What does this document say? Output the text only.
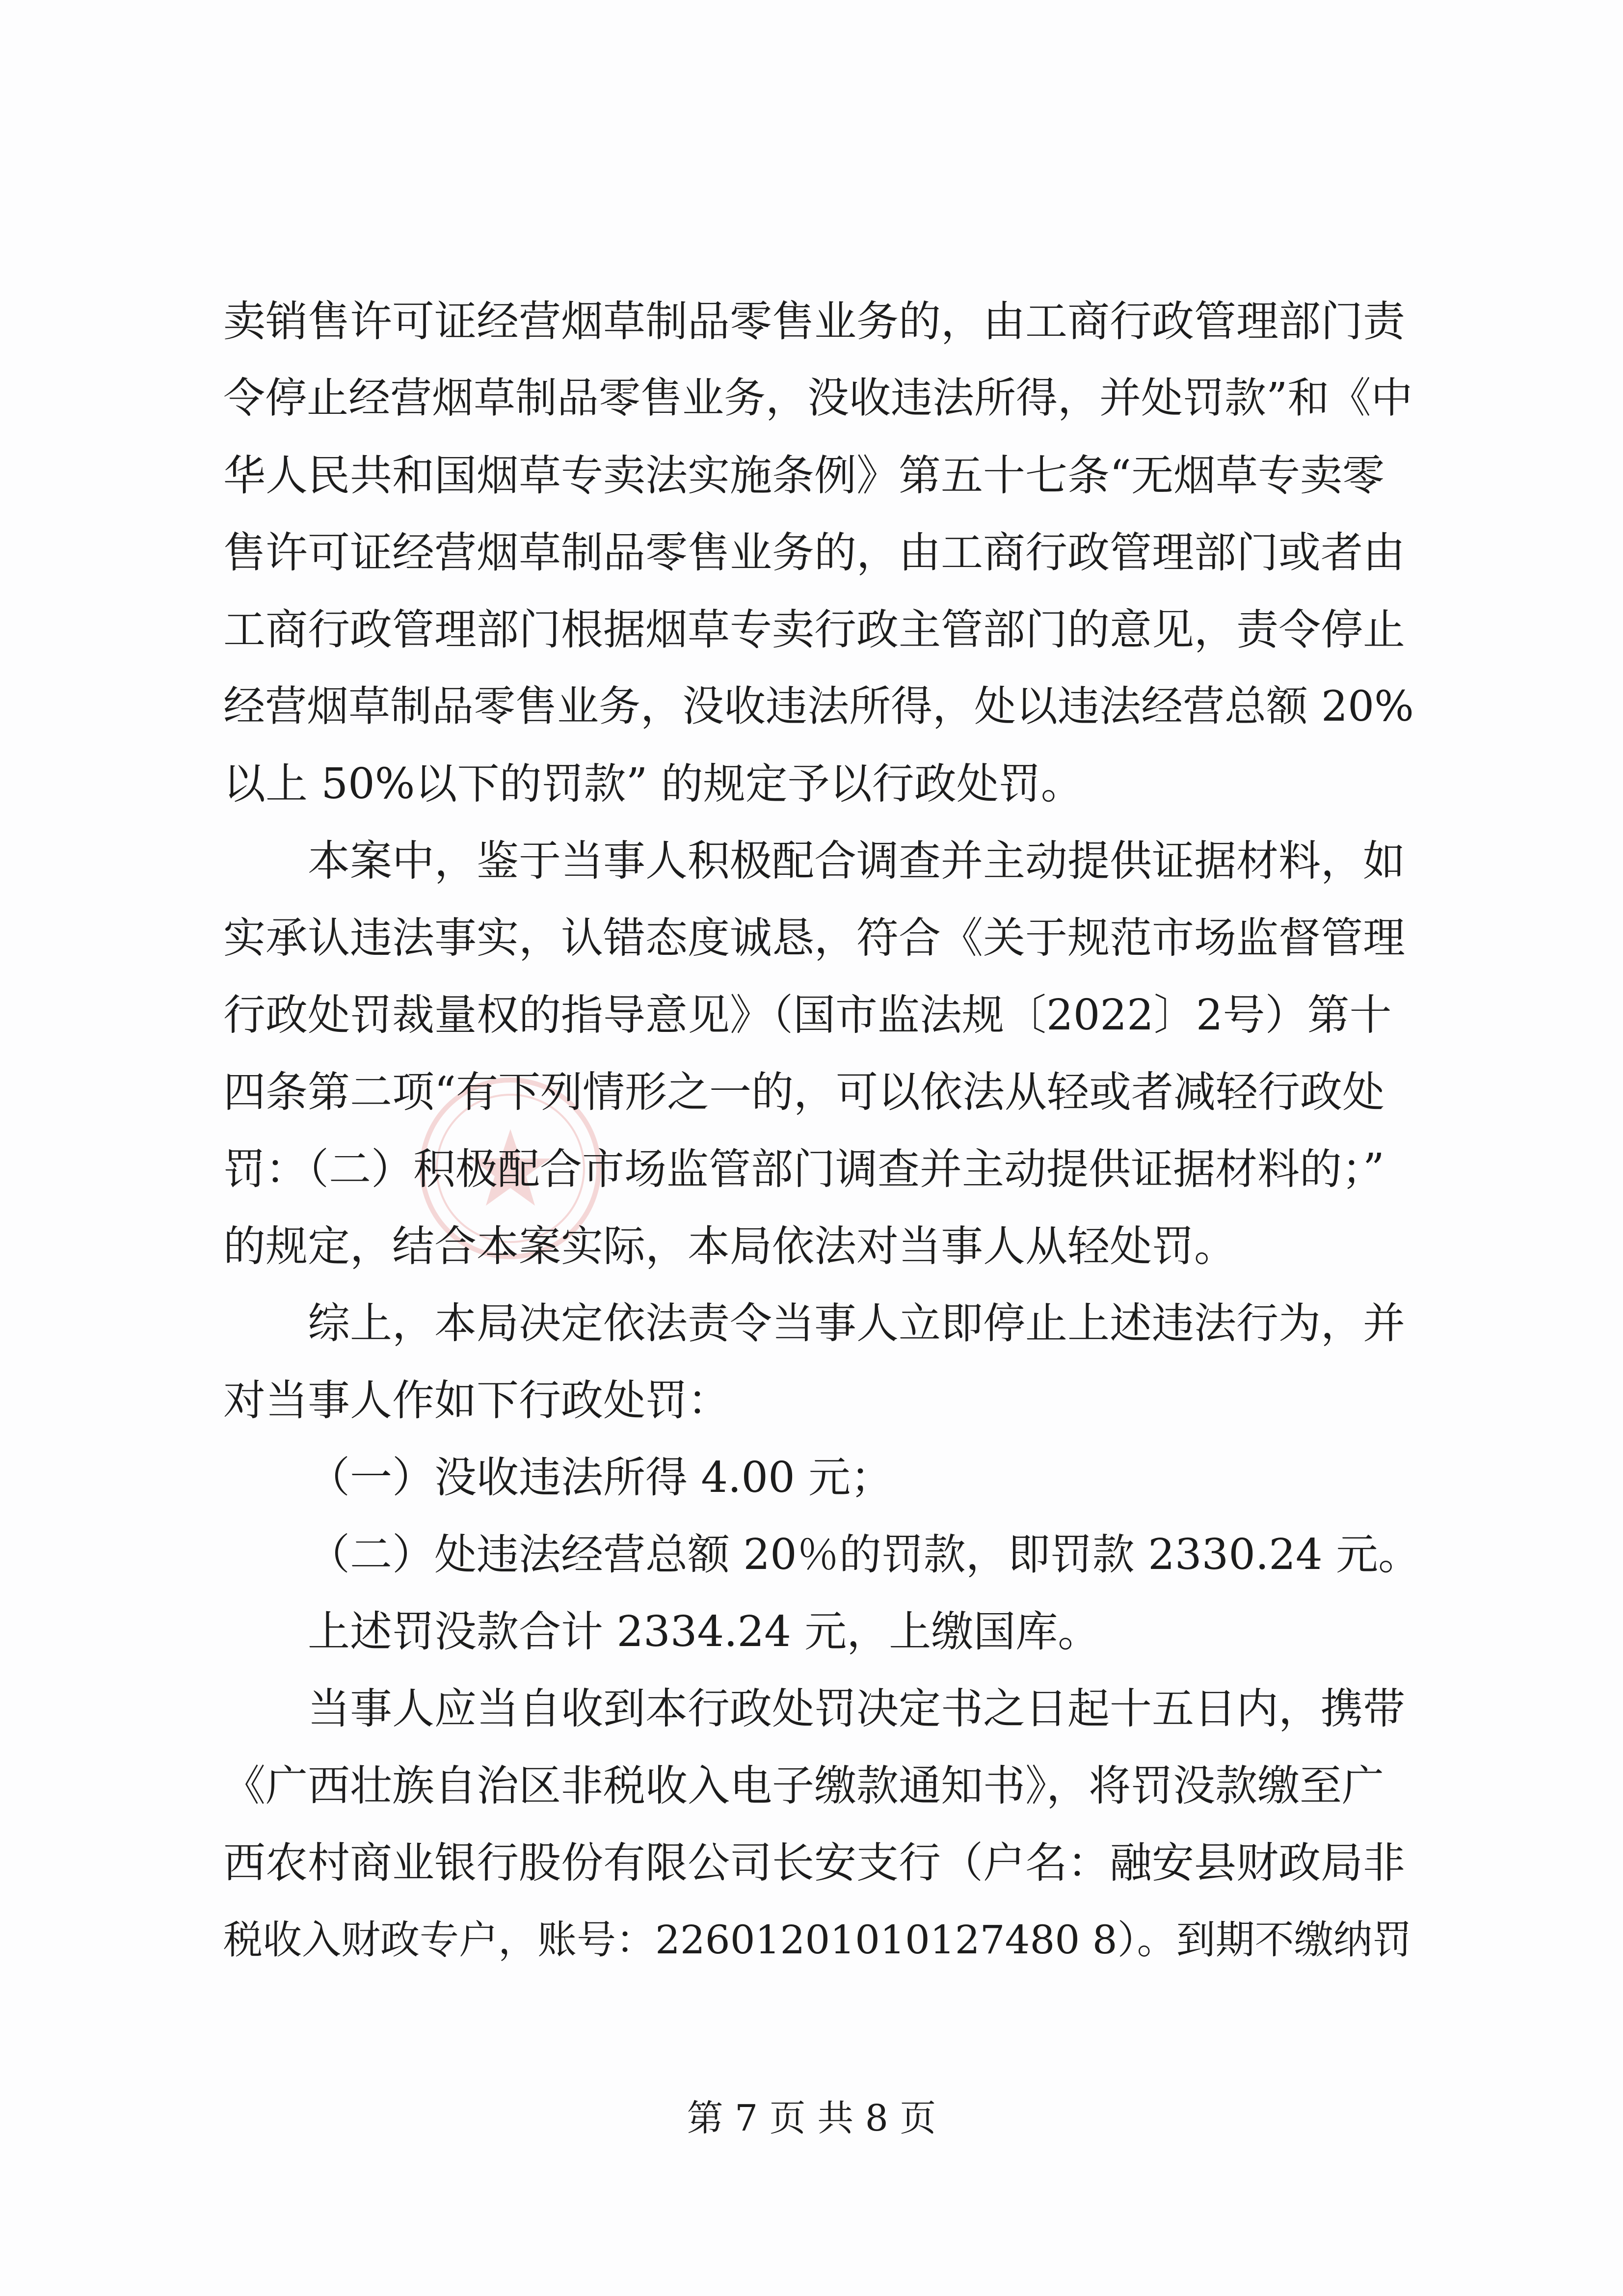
卖销售许可证经营烟草制品零售业务的，由工商行政管理部门责
令停止经营烟草制品零售业务，没收违法所得，并处罚款”和《中
华人民共和国烟草专卖法实施条例》第五十七条“无烟草专卖零
售许可证经营烟草制品零售业务的，由工商行政管理部门或者由
工商行政管理部门根据烟草专卖行政主管部门的意见，责令停止
经营烟草制品零售业务，没收违法所得，处以违法经营总额 20%
以上 50%以下的罚款” 的规定予以行政处罚。
本案中，鉴于当事人积极配合调查并主动提供证据材料，如
实承认违法事实，认错态度诚恳，符合《关于规范市场监督管理
行政处罚裁量权的指导意见》（国市监法规〔2022〕2号）第十
四条第二项“有下列情形之一的，可以依法从轻或者减轻行政处
罚：（二）积极配合市场监管部门调查并主动提供证据材料的；”
的规定，结合本案实际，本局依法对当事人从轻处罚。
综上，本局决定依法责令当事人立即停止上述违法行为，并
对当事人作如下行政处罚：
（一）没收违法所得 4.00 元；
（二）处违法经营总额 20％的罚款，即罚款 2330.24 元。
上述罚没款合计 2334.24 元，上缴国库。
当事人应当自收到本行政处罚决定书之日起十五日内，携带
《广西壮族自治区非税收入电子缴款通知书》，将罚没款缴至广
西农村商业银行股份有限公司长安支行（户名：融安县财政局非
税收入财政专户，账号：22601201010127480 8）。到期不缴纳罚
第 7 页 共 8 页
